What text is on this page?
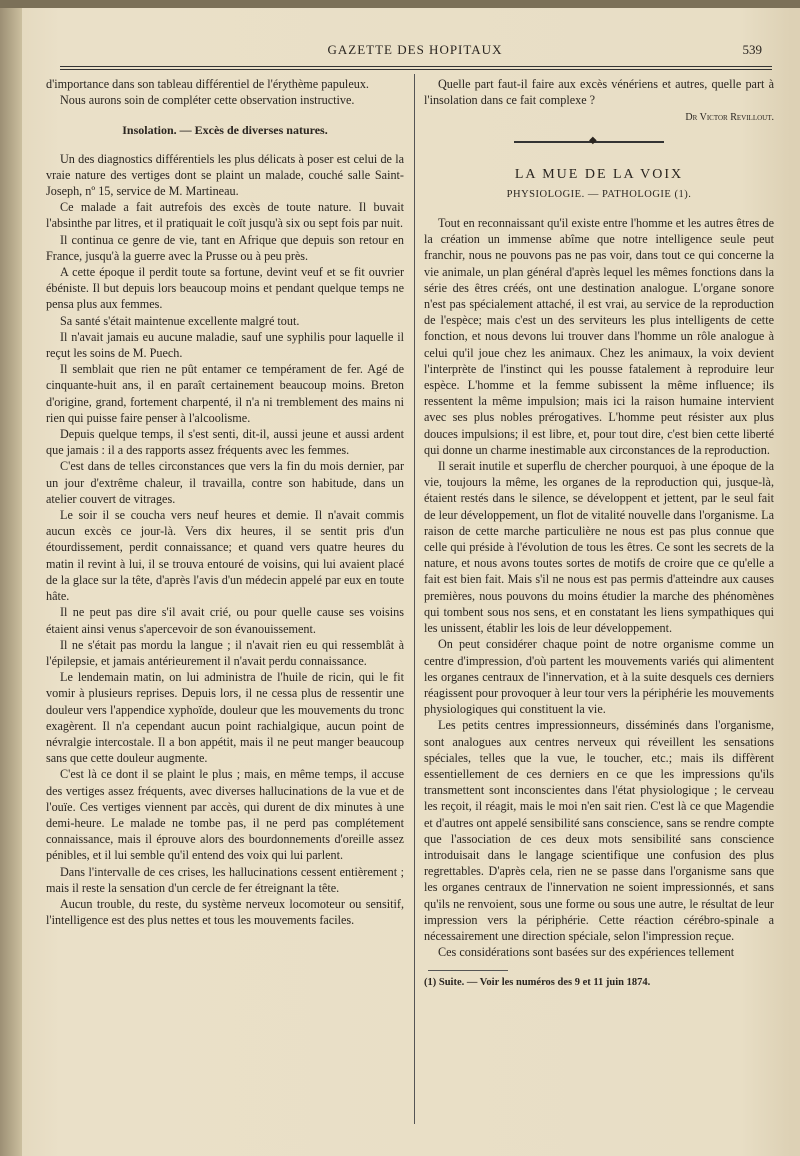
GAZETTE DES HOPITAUX	539

d'importance dans son tableau différentiel de l'érythème papuleux.

Nous aurons soin de compléter cette observation instructive.

Insolation. — Excès de diverses natures.

Un des diagnostics différentiels les plus délicats à poser est celui de la vraie nature des vertiges dont se plaint un malade, couché salle Saint-Joseph, nº 15, service de M. Martineau.

Ce malade a fait autrefois des excès de toute nature. Il buvait l'absinthe par litres, et il pratiquait le coït jusqu'à six ou sept fois par nuit.

Il continua ce genre de vie, tant en Afrique que depuis son retour en France, jusqu'à la guerre avec la Prusse ou à peu près.

A cette époque il perdit toute sa fortune, devint veuf et se fit ouvrier ébéniste. Il but depuis lors beaucoup moins et pendant quelque temps ne pensa plus aux femmes.

Sa santé s'était maintenue excellente malgré tout.

Il n'avait jamais eu aucune maladie, sauf une syphilis pour laquelle il reçut les soins de M. Puech.

Il semblait que rien ne pût entamer ce tempérament de fer. Agé de cinquante-huit ans, il en paraît certainement beaucoup moins. Breton d'origine, grand, fortement charpenté, il n'a ni tremblement des mains ni rien qui puisse faire penser à l'alcoolisme.

Depuis quelque temps, il s'est senti, dit-il, aussi jeune et aussi ardent que jamais : il a des rapports assez fréquents avec les femmes.

C'est dans de telles circonstances que vers la fin du mois dernier, par un jour d'extrême chaleur, il travailla, contre son habitude, dans un atelier couvert de vitrages.

Le soir il se coucha vers neuf heures et demie. Il n'avait commis aucun excès ce jour-là. Vers dix heures, il se sentit pris d'un étourdissement, perdit connaissance; et quand vers quatre heures du matin il revint à lui, il se trouva entouré de voisins, qui lui avaient placé de la glace sur la tête, d'après l'avis d'un médecin appelé par eux en toute hâte.

Il ne peut pas dire s'il avait crié, ou pour quelle cause ses voisins étaient ainsi venus s'apercevoir de son évanouissement.

Il ne s'était pas mordu la langue ; il n'avait rien eu qui ressemblât à l'épilepsie, et jamais antérieurement il n'avait perdu connaissance.

Le lendemain matin, on lui administra de l'huile de ricin, qui le fit vomir à plusieurs reprises. Depuis lors, il ne cessa plus de ressentir une douleur vers l'appendice xyphoïde, douleur que les mouvements du tronc exagèrent. Il n'a cependant aucun point rachialgique, aucun point de névralgie intercostale. Il a bon appétit, mais il ne peut manger beaucoup sans que cette douleur augmente.

C'est là ce dont il se plaint le plus ; mais, en même temps, il accuse des vertiges assez fréquents, avec diverses hallucinations de la vue et de l'ouïe. Ces vertiges viennent par accès, qui durent de dix minutes à une demi-heure. Le malade ne tombe pas, il ne perd pas complétement connaissance, mais il éprouve alors des bourdonnements d'oreille assez pénibles, et il lui semble qu'il entend des voix qui lui parlent.

Dans l'intervalle de ces crises, les hallucinations cessent entièrement ; mais il reste la sensation d'un cercle de fer étreignant la tête.

Aucun trouble, du reste, du système nerveux locomoteur ou sensitif, l'intelligence est des plus nettes et tous les mouvements faciles.

Quelle part faut-il faire aux excès vénériens et autres, quelle part à l'insolation dans ce fait complexe ?

Dr Victor Revillout.
◆
LA MUE DE LA VOIX
PHYSIOLOGIE. — PATHOLOGIE (1).

Tout en reconnaissant qu'il existe entre l'homme et les autres êtres de la création un immense abîme que notre intelligence seule peut franchir, nous ne pouvons pas ne pas voir, dans tout ce qui concerne la vie animale, un plan général d'après lequel les mêmes fonctions dans la série des êtres créés, ont une destination analogue. L'organe sonore n'est pas spécialement attaché, il est vrai, au service de la reproduction de l'espèce; mais c'est un des serviteurs les plus intelligents de cette fonction, et nous devons lui trouver dans l'homme un rôle analogue à celui qu'il joue chez les animaux. Chez les animaux, la voix devient l'interprète de l'instinct qui les pousse fatalement à reproduire leur espèce. L'homme et la femme subissent la même influence; ils ressentent la même impulsion; mais ici la raison humaine intervient avec ses plus nobles prérogatives. L'homme peut résister aux plus douces impulsions; il est libre, et, pour tout dire, c'est bien cette liberté qui donne un charme inestimable aux circonstances de la reproduction.

Il serait inutile et superflu de chercher pourquoi, à une époque de la vie, toujours la même, les organes de la reproduction qui, jusque-là, étaient restés dans le silence, se développent et jettent, par le seul fait de leur développement, un flot de vitalité nouvelle dans l'organisme. La raison de cette marche particulière ne nous est pas plus connue que celle qui préside à l'évolution de tous les êtres. Ce sont les secrets de la nature, et nous avons toutes sortes de motifs de croire que ce qu'elle a fait est bien fait. Mais s'il ne nous est pas permis d'atteindre aux causes premières, nous pouvons du moins étudier la marche des phénomènes qui tombent sous nos sens, et en constatant les liens sympathiques qui les unissent, établir les lois de leur développement.

On peut considérer chaque point de notre organisme comme un centre d'impression, d'où partent les mouvements variés qui alimentent les organes centraux de l'innervation, et à la suite desquels ces derniers réagissent pour provoquer à leur tour vers la périphérie les mouvements physiologiques qui constituent la vie.

Les petits centres impressionneurs, disséminés dans l'organisme, sont analogues aux centres nerveux qui réveillent les sensations spéciales, telles que la vue, le toucher, etc.; mais ils diffèrent essentiellement de ces derniers en ce que les impressions qu'ils transmettent sont inconscientes dans l'état physiologique ; le cerveau les reçoit, il réagit, mais le moi n'en sait rien. C'est là ce que Magendie et d'autres ont appelé sensibilité sans conscience, sans se rendre compte que l'association de ces deux mots sensibilité sans conscience introduisait dans le langage scientifique une confusion des plus regrettables. D'après cela, rien ne se passe dans l'organisme sans que les organes centraux de l'innervation ne soient impressionnés, et sans qu'ils ne renvoient, sous une forme ou sous une autre, le résultat de leur impression vers la périphérie. Cette réaction cérébro-spinale a nécessairement une direction spéciale, selon l'impression reçue.

Ces considérations sont basées sur des expériences tellement

(1) Suite. — Voir les numéros des 9 et 11 juin 1874.
